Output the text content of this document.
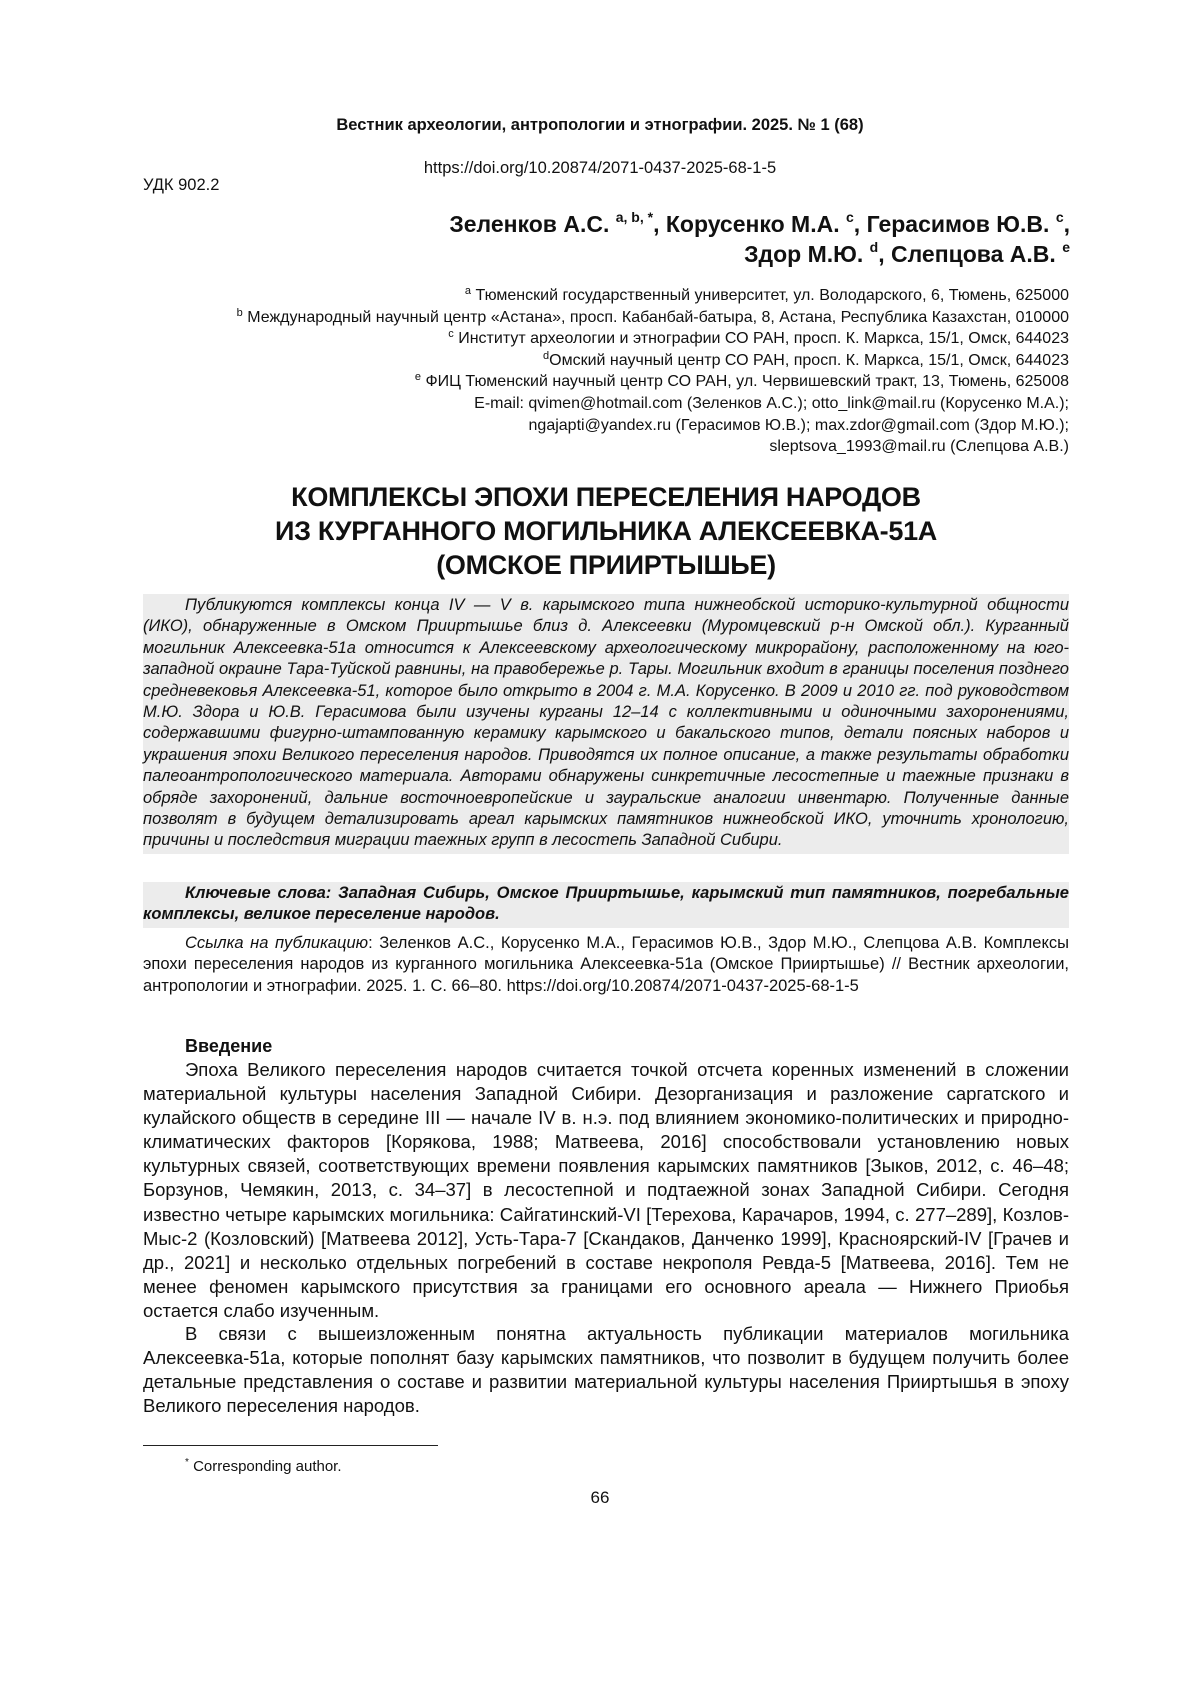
Вестник археологии, антропологии и этнографии. 2025. № 1 (68)
https://doi.org/10.20874/2071-0437-2025-68-1-5
УДК 902.2
Зеленков А.С. $^{a, b, *}$, Корусенко М.А. $^c$, Герасимов Ю.В. $^c$,
Здор М.Ю. $^d$, Слепцова А.В. $^e$
$^a$ Тюменский государственный университет, ул. Володарского, 6, Тюмень, 625000
$^b$ Международный научный центр «Астана», просп. Кабанбай-батыра, 8, Астана, Республика Казахстан, 010000
$^c$ Институт археологии и этнографии СО РАН, просп. К. Маркса, 15/1, Омск, 644023
$^d$Омский научный центр СО РАН, просп. К. Маркса, 15/1, Омск, 644023
$^e$ ФИЦ Тюменский научный центр СО РАН, ул. Червишевский тракт, 13, Тюмень, 625008
E-mail: qvimen@hotmail.com (Зеленков А.С.); otto_link@mail.ru (Корусенко М.А.);
ngajapti@yandex.ru (Герасимов Ю.В.); max.zdor@gmail.com (Здор М.Ю.);
sleptsova_1993@mail.ru (Слепцова А.В.)
КОМПЛЕКСЫ ЭПОХИ ПЕРЕСЕЛЕНИЯ НАРОДОВ
ИЗ КУРГАННОГО МОГИЛЬНИКА АЛЕКСЕЕВКА-51А
(ОМСКОЕ ПРИИРТЫШЬЕ)

Публикуются комплексы конца IV — V в. карымского типа нижнеобской историко-культурной общности (ИКО), обнаруженные в Омском Прииртышье близ д. Алексеевки (Муромцевский р-н Омской обл.). Курганный могильник Алексеевка-51а относится к Алексеевскому археологическому микрорайону, расположенному на юго-западной окраине Тара-Туйской равнины, на правобережье р. Тары. Могильник входит в границы поселения позднего средневековья Алексеевка-51, которое было открыто в 2004 г. М.А. Корусенко. В 2009 и 2010 гг. под руководством М.Ю. Здора и Ю.В. Герасимова были изучены курганы 12–14 с коллективными и одиночными захоронениями, содержавшими фигурно-штампованную керамику карымского и бакальского типов, детали поясных наборов и украшения эпохи Великого переселения народов. Приводятся их полное описание, а также результаты обработки палеоантропологического материала. Авторами обнаружены синкретичные лесостепные и таежные признаки в обряде захоронений, дальние восточноевропейские и зауральские аналогии инвентарю. Полученные данные позволят в будущем детализировать ареал карымских памятников нижнеобской ИКО, уточнить хронологию, причины и последствия миграции таежных групп в лесостепь Западной Сибири.

Ключевые слова: Западная Сибирь, Омское Прииртышье, карымский тип памятников, погребальные комплексы, великое переселение народов.

Ссылка на публикацию: Зеленков А.С., Корусенко М.А., Герасимов Ю.В., Здор М.Ю., Слепцова А.В. Комплексы эпохи переселения народов из курганного могильника Алексеевка-51а (Омское Прииртышье) // Вестник археологии, антропологии и этнографии. 2025. 1. С. 66–80. https://doi.org/10.20874/2071-0437-2025-68-1-5

Введение

Эпоха Великого переселения народов считается точкой отсчета коренных изменений в сложении материальной культуры населения Западной Сибири. Дезорганизация и разложение саргатского и кулайского обществ в середине III — начале IV в. н.э. под влиянием экономико-политических и природно-климатических факторов [Корякова, 1988; Матвеева, 2016] способствовали установлению новых культурных связей, соответствующих времени появления карымских памятников [Зыков, 2012, с. 46–48; Борзунов, Чемякин, 2013, с. 34–37] в лесостепной и подтаежной зонах Западной Сибири. Сегодня известно четыре карымских могильника: Сайгатинский-VI [Терехова, Карачаров, 1994, с. 277–289], Козлов-Мыс-2 (Козловский) [Матвеева 2012], Усть-Тара-7 [Скандаков, Данченко 1999], Красноярский-IV [Грачев и др., 2021] и несколько отдельных погребений в составе некрополя Ревда-5 [Матвеева, 2016]. Тем не менее феномен карымского присутствия за границами его основного ареала — Нижнего Приобья остается слабо изученным.

В связи с вышеизложенным понятна актуальность публикации материалов могильника Алексеевка-51а, которые пополнят базу карымских памятников, что позволит в будущем получить более детальные представления о составе и развитии материальной культуры населения Прииртышья в эпоху Великого переселения народов.

* Corresponding author.
66
